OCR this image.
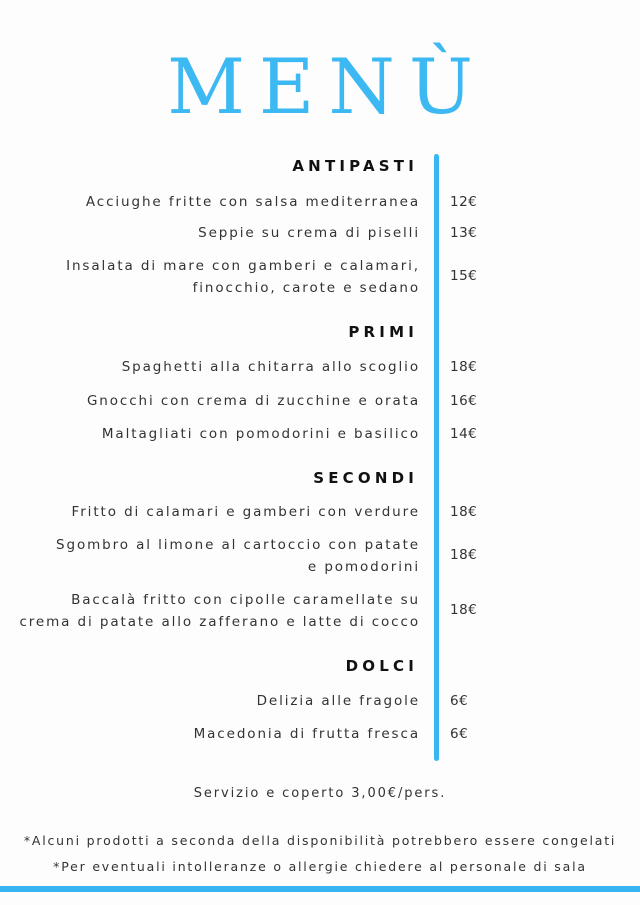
MENÙ
ANTIPASTI
Acciughe fritte con salsa mediterranea 12€
Seppie su crema di piselli 13€
Insalata di mare con gamberi e calamari,
finocchio, carote e sedano
15€
PRIMI
Spaghetti alla chitarra allo scoglio 18€
Gnocchi con crema di zucchine e orata 16€
Maltagliati con pomodorini e basilico 14€
SECONDI
Fritto di calamari e gamberi con verdure 18€
Sgombro al limone al cartoccio con patate
e pomodorini
18€
Baccalà fritto con cipolle caramellate su
crema di patate allo zafferano e latte di cocco
18€
DOLCI
Delizia alle fragole 6€
Macedonia di frutta fresca 6€
Servizio e coperto 3,00€/pers.
*Alcuni prodotti a seconda della disponibilità potrebbero essere congelati
*Per eventuali intolleranze o allergie chiedere al personale di sala
